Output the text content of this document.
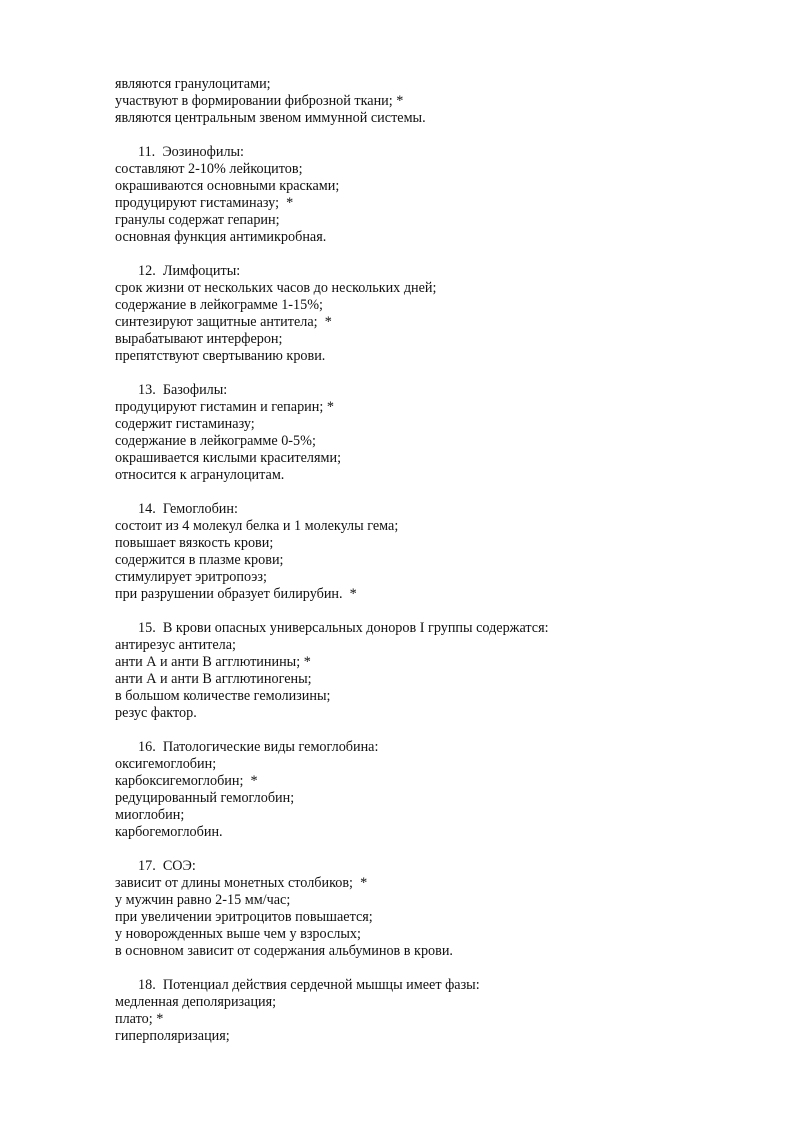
являются гранулоцитами;
участвуют в формировании фиброзной ткани; *
являются центральным звеном иммунной системы.
11. Эозинофилы:
составляют 2-10% лейкоцитов;
окрашиваются основными красками;
продуцируют гистаминазу;  *
гранулы содержат гепарин;
основная функция антимикробная.
12. Лимфоциты:
срок жизни от нескольких часов до нескольких дней;
содержание в лейкограмме 1-15%;
синтезируют защитные антитела;  *
вырабатывают интерферон;
препятствуют свертыванию крови.
13. Базофилы:
продуцируют гистамин и гепарин; *
содержит гистаминазу;
содержание в лейкограмме 0-5%;
окрашивается кислыми красителями;
относится к агранулоцитам.
14. Гемоглобин:
состоит из 4 молекул белка и 1 молекулы гема;
повышает вязкость крови;
содержится в плазме крови;
стимулирует эритропоэз;
при разрушении образует билирубин.  *
15. В крови опасных универсальных доноров I группы содержатся:
антирезус антитела;
анти А и анти В агглютинины; *
анти А и анти В агглютиногены;
в большом количестве гемолизины;
резус фактор.
16. Патологические виды гемоглобина:
оксигемоглобин;
карбоксигемоглобин;  *
редуцированный гемоглобин;
миоглобин;
карбогемоглобин.
17. СОЭ:
зависит от длины монетных столбиков;  *
у мужчин равно 2-15 мм/час;
при увеличении эритроцитов повышается;
у новорожденных выше чем у взрослых;
в основном зависит от содержания альбуминов в крови.
18. Потенциал действия сердечной мышцы имеет фазы:
медленная деполяризация;
плато; *
гиперполяризация;
